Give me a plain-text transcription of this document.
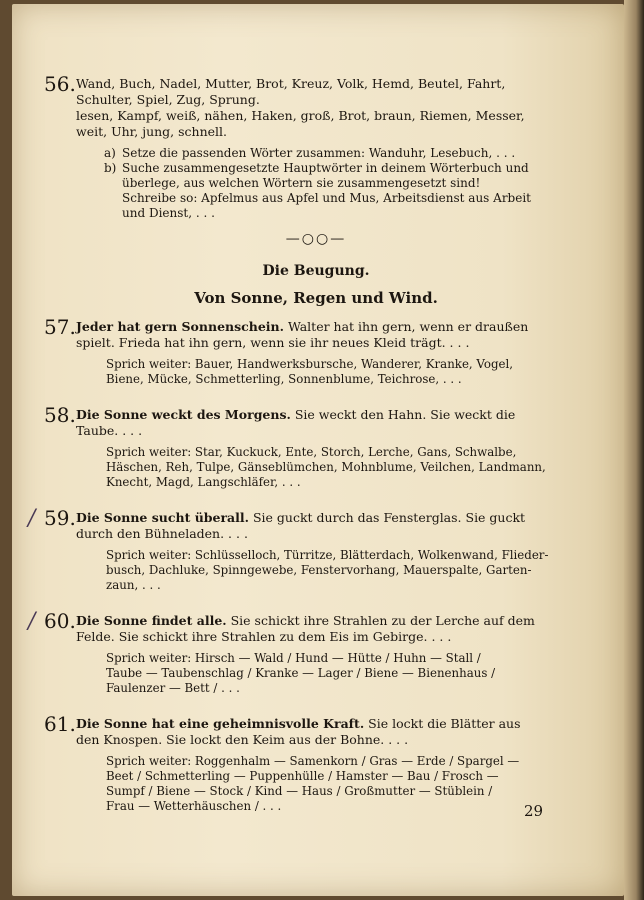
56. Wand, Buch, Nadel, Mutter, Brot, Kreuz, Volk, Hemd, Beutel, Fahrt,

Schulter, Spiel, Zug, Sprung.

lesen, Kampf, weiß, nähen, Haken, groß, Brot, braun, Riemen, Messer,

weit, Uhr, jung, schnell.

a) Setze die passenden Wörter zusammen: Wanduhr, Lesebuch, . . .
b) Suche zusammengesetzte Hauptwörter in deinem Wörterbuch und
überlege, aus welchen Wörtern sie zusammengesetzt sind!
Schreibe so: Apfelmus aus Apfel und Mus, Arbeitsdienst aus Arbeit
und Dienst, . . .
—○○—
Die Beugung.
Von Sonne, Regen und Wind.
57. Jeder hat gern Sonnenschein. Walter hat ihn gern, wenn er draußen

spielt. Frieda hat ihn gern, wenn sie ihr neues Kleid trägt. . . .

Sprich weiter: Bauer, Handwerksbursche, Wanderer, Kranke, Vogel,
Biene, Mücke, Schmetterling, Sonnenblume, Teichrose, . . .
58. Die Sonne weckt des Morgens. Sie weckt den Hahn. Sie weckt die

Taube. . . .

Sprich weiter: Star, Kuckuck, Ente, Storch, Lerche, Gans, Schwalbe,
Häschen, Reh, Tulpe, Gänseblümchen, Mohnblume, Veilchen, Landmann,
Knecht, Magd, Langschläfer, . . .
/ 59. Die Sonne sucht überall. Sie guckt durch das Fensterglas. Sie guckt

durch den Bühneladen. . . .

Sprich weiter: Schlüsselloch, Türritze, Blätterdach, Wolkenwand, Flieder-
busch, Dachluke, Spinngewebe, Fenstervorhang, Mauerspalte, Garten-
zaun, . . .
/ 60. Die Sonne findet alle. Sie schickt ihre Strahlen zu der Lerche auf dem

Felde. Sie schickt ihre Strahlen zu dem Eis im Gebirge. . . .

Sprich weiter: Hirsch — Wald / Hund — Hütte / Huhn — Stall /
Taube — Taubenschlag / Kranke — Lager / Biene — Bienenhaus /
Faulenzer — Bett / . . .
61. Die Sonne hat eine geheimnisvolle Kraft. Sie lockt die Blätter aus

den Knospen. Sie lockt den Keim aus der Bohne. . . .

Sprich weiter: Roggenhalm — Samenkorn / Gras — Erde / Spargel —
Beet / Schmetterling — Puppenhülle / Hamster — Bau / Frosch —
Sumpf / Biene — Stock / Kind — Haus / Großmutter — Stüblein /
Frau — Wetterhäuschen / . . .	29
